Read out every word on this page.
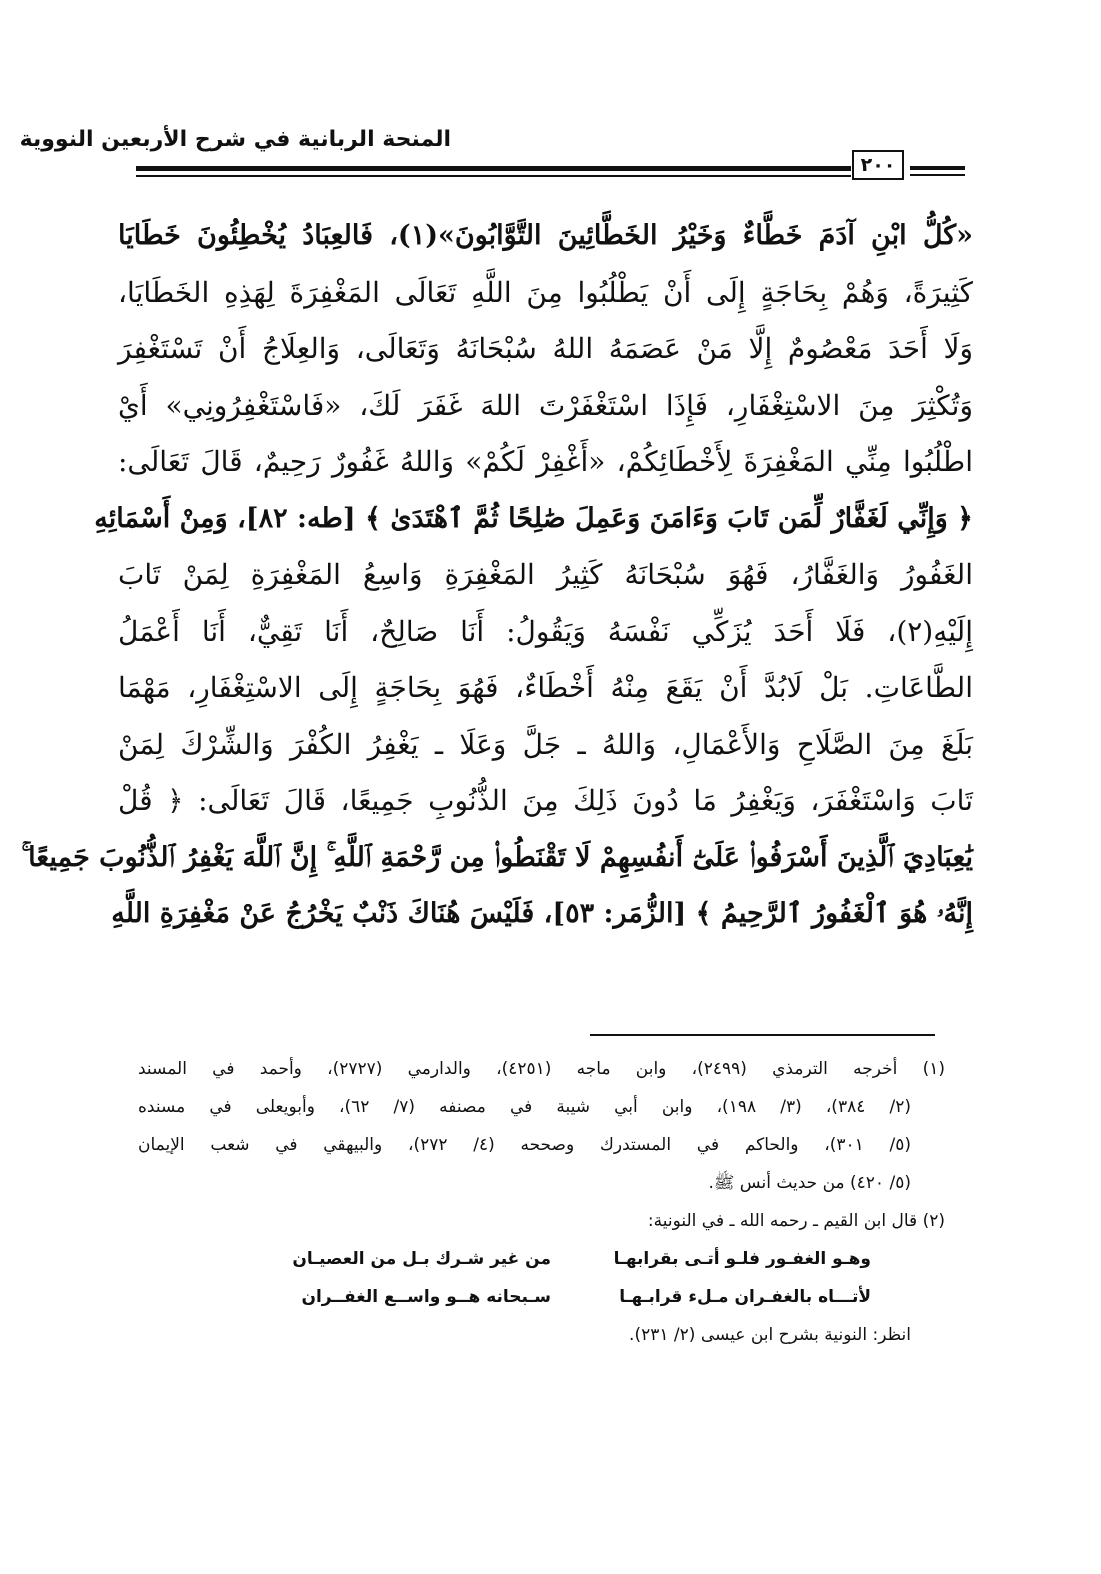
المنحة الربانية في شرح الأربعين النووية
٢٠٠
«كُلُّ ابْنِ آدَمَ خَطَّاءٌ وَخَيْرُ الخَطَّائِينَ التَّوَّابُونَ»(١)، فَالعِبَادُ يُخْطِئُونَ خَطَايَا
كَثِيرَةً، وَهُمْ بِحَاجَةٍ إِلَى أَنْ يَطْلُبُوا مِنَ اللَّهِ تَعَالَى المَغْفِرَةَ لِهَذِهِ الخَطَايَا،
وَلَا أَحَدَ مَعْصُومٌ إِلَّا مَنْ عَصَمَهُ اللهُ سُبْحَانَهُ وَتَعَالَى، وَالعِلَاجُ أَنْ تَسْتَغْفِرَ
وَتُكْثِرَ مِنَ الاسْتِغْفَارِ، فَإِذَا اسْتَغْفَرْتَ اللهَ غَفَرَ لَكَ، «فَاسْتَغْفِرُونِي» أَيْ
اطْلُبُوا مِنِّي المَغْفِرَةَ لِأَخْطَائِكُمْ، «أَغْفِرْ لَكُمْ» وَاللهُ غَفُورٌ رَحِيمٌ، قَالَ تَعَالَى:
﴿ وَإِنِّي لَغَفَّارٌ لِّمَن تَابَ وَءَامَنَ وَعَمِلَ صَٰلِحًا ثُمَّ ٱهْتَدَىٰ ﴾ [طه: ٨٢]، وَمِنْ أَسْمَائِهِ
الغَفُورُ وَالغَفَّارُ، فَهُوَ سُبْحَانَهُ كَثِيرُ المَغْفِرَةِ وَاسِعُ المَغْفِرَةِ لِمَنْ تَابَ
إِلَيْهِ(٢)، فَلَا أَحَدَ يُزَكِّي نَفْسَهُ وَيَقُولُ: أَنَا صَالِحٌ، أَنَا تَقِيٌّ، أَنَا أَعْمَلُ
الطَّاعَاتِ. بَلْ لَابُدَّ أَنْ يَقَعَ مِنْهُ أَخْطَاءٌ، فَهُوَ بِحَاجَةٍ إِلَى الاسْتِغْفَارِ، مَهْمَا
بَلَغَ مِنَ الصَّلَاحِ وَالأَعْمَالِ، وَاللهُ ـ جَلَّ وَعَلَا ـ يَغْفِرُ الكُفْرَ وَالشِّرْكَ لِمَنْ
تَابَ وَاسْتَغْفَرَ، وَيَغْفِرُ مَا دُونَ ذَلِكَ مِنَ الذُّنُوبِ جَمِيعًا، قَالَ تَعَالَى: ﴿ قُلْ
يَٰعِبَادِيَ ٱلَّذِينَ أَسْرَفُوا۟ عَلَىٰٓ أَنفُسِهِمْ لَا تَقْنَطُوا۟ مِن رَّحْمَةِ ٱللَّهِ ۚ إِنَّ ٱللَّهَ يَغْفِرُ ٱلذُّنُوبَ جَمِيعًا ۚ
إِنَّهُۥ هُوَ ٱلْغَفُورُ ٱلرَّحِيمُ ﴾ [الزُّمَر: ٥٣]، فَلَيْسَ هُنَاكَ ذَنْبٌ يَخْرُجُ عَنْ مَغْفِرَةِ اللَّهِ
(١) أخرجه الترمذي (٢٤٩٩)، وابن ماجه (٤٢٥١)، والدارمي (٢٧٢٧)، وأحمد في المسند
(٢/ ٣٨٤)، (٣/ ١٩٨)، وابن أبي شيبة في مصنفه (٧/ ٦٢)، وأبويعلى في مسنده
(٥/ ٣٠١)، والحاكم في المستدرك وصححه (٤/ ٢٧٢)، والبيهقي في شعب الإيمان
(٥/ ٤٢٠) من حديث أنس ﷺ.
(٢) قال ابن القيم ـ رحمه الله ـ في النونية:
وهـو الغفـور فلـو أتـى بقرابهـا
من غير شـرك بـل من العصيـان
لأتـــاه بالغفـران مـلء قرابـهـا
سـبحانه هــو واســع الغفــران
انظر: النونية بشرح ابن عيسى (٢/ ٢٣١).
